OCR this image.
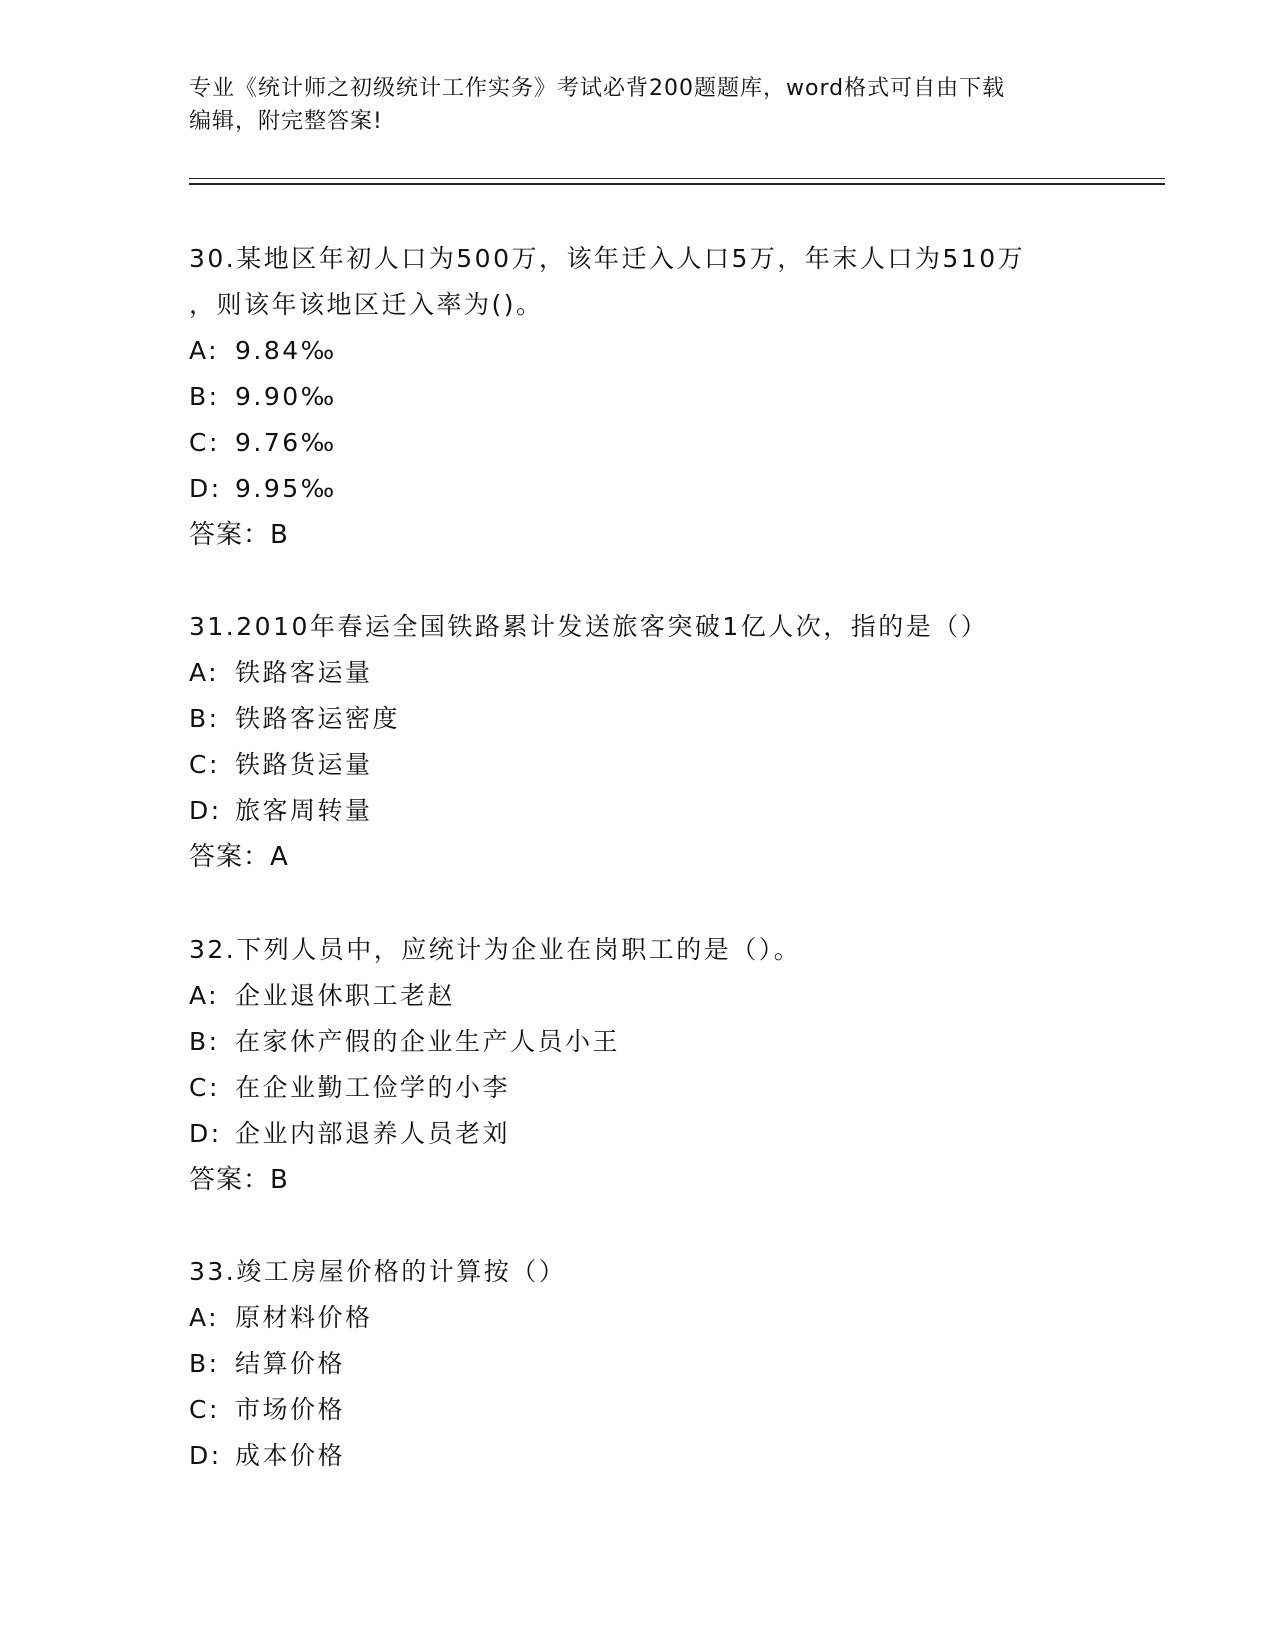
专业《统计师之初级统计工作实务》考试必背200题题库，word格式可自由下载
编辑，附完整答案!

30.某地区年初人口为500万，该年迁入人口5万，年末人口为510万

，则该年该地区迁入率为()。

A: 9.84‰

B: 9.90‰

C: 9.76‰

D: 9.95‰

答案：B

31.2010年春运全国铁路累计发送旅客突破1亿人次，指的是（）

A: 铁路客运量

B: 铁路客运密度

C: 铁路货运量

D: 旅客周转量

答案：A

32.下列人员中，应统计为企业在岗职工的是（）。

A: 企业退休职工老赵

B: 在家休产假的企业生产人员小王

C: 在企业勤工俭学的小李

D: 企业内部退养人员老刘

答案：B

33.竣工房屋价格的计算按（）

A: 原材料价格

B: 结算价格

C: 市场价格

D: 成本价格
